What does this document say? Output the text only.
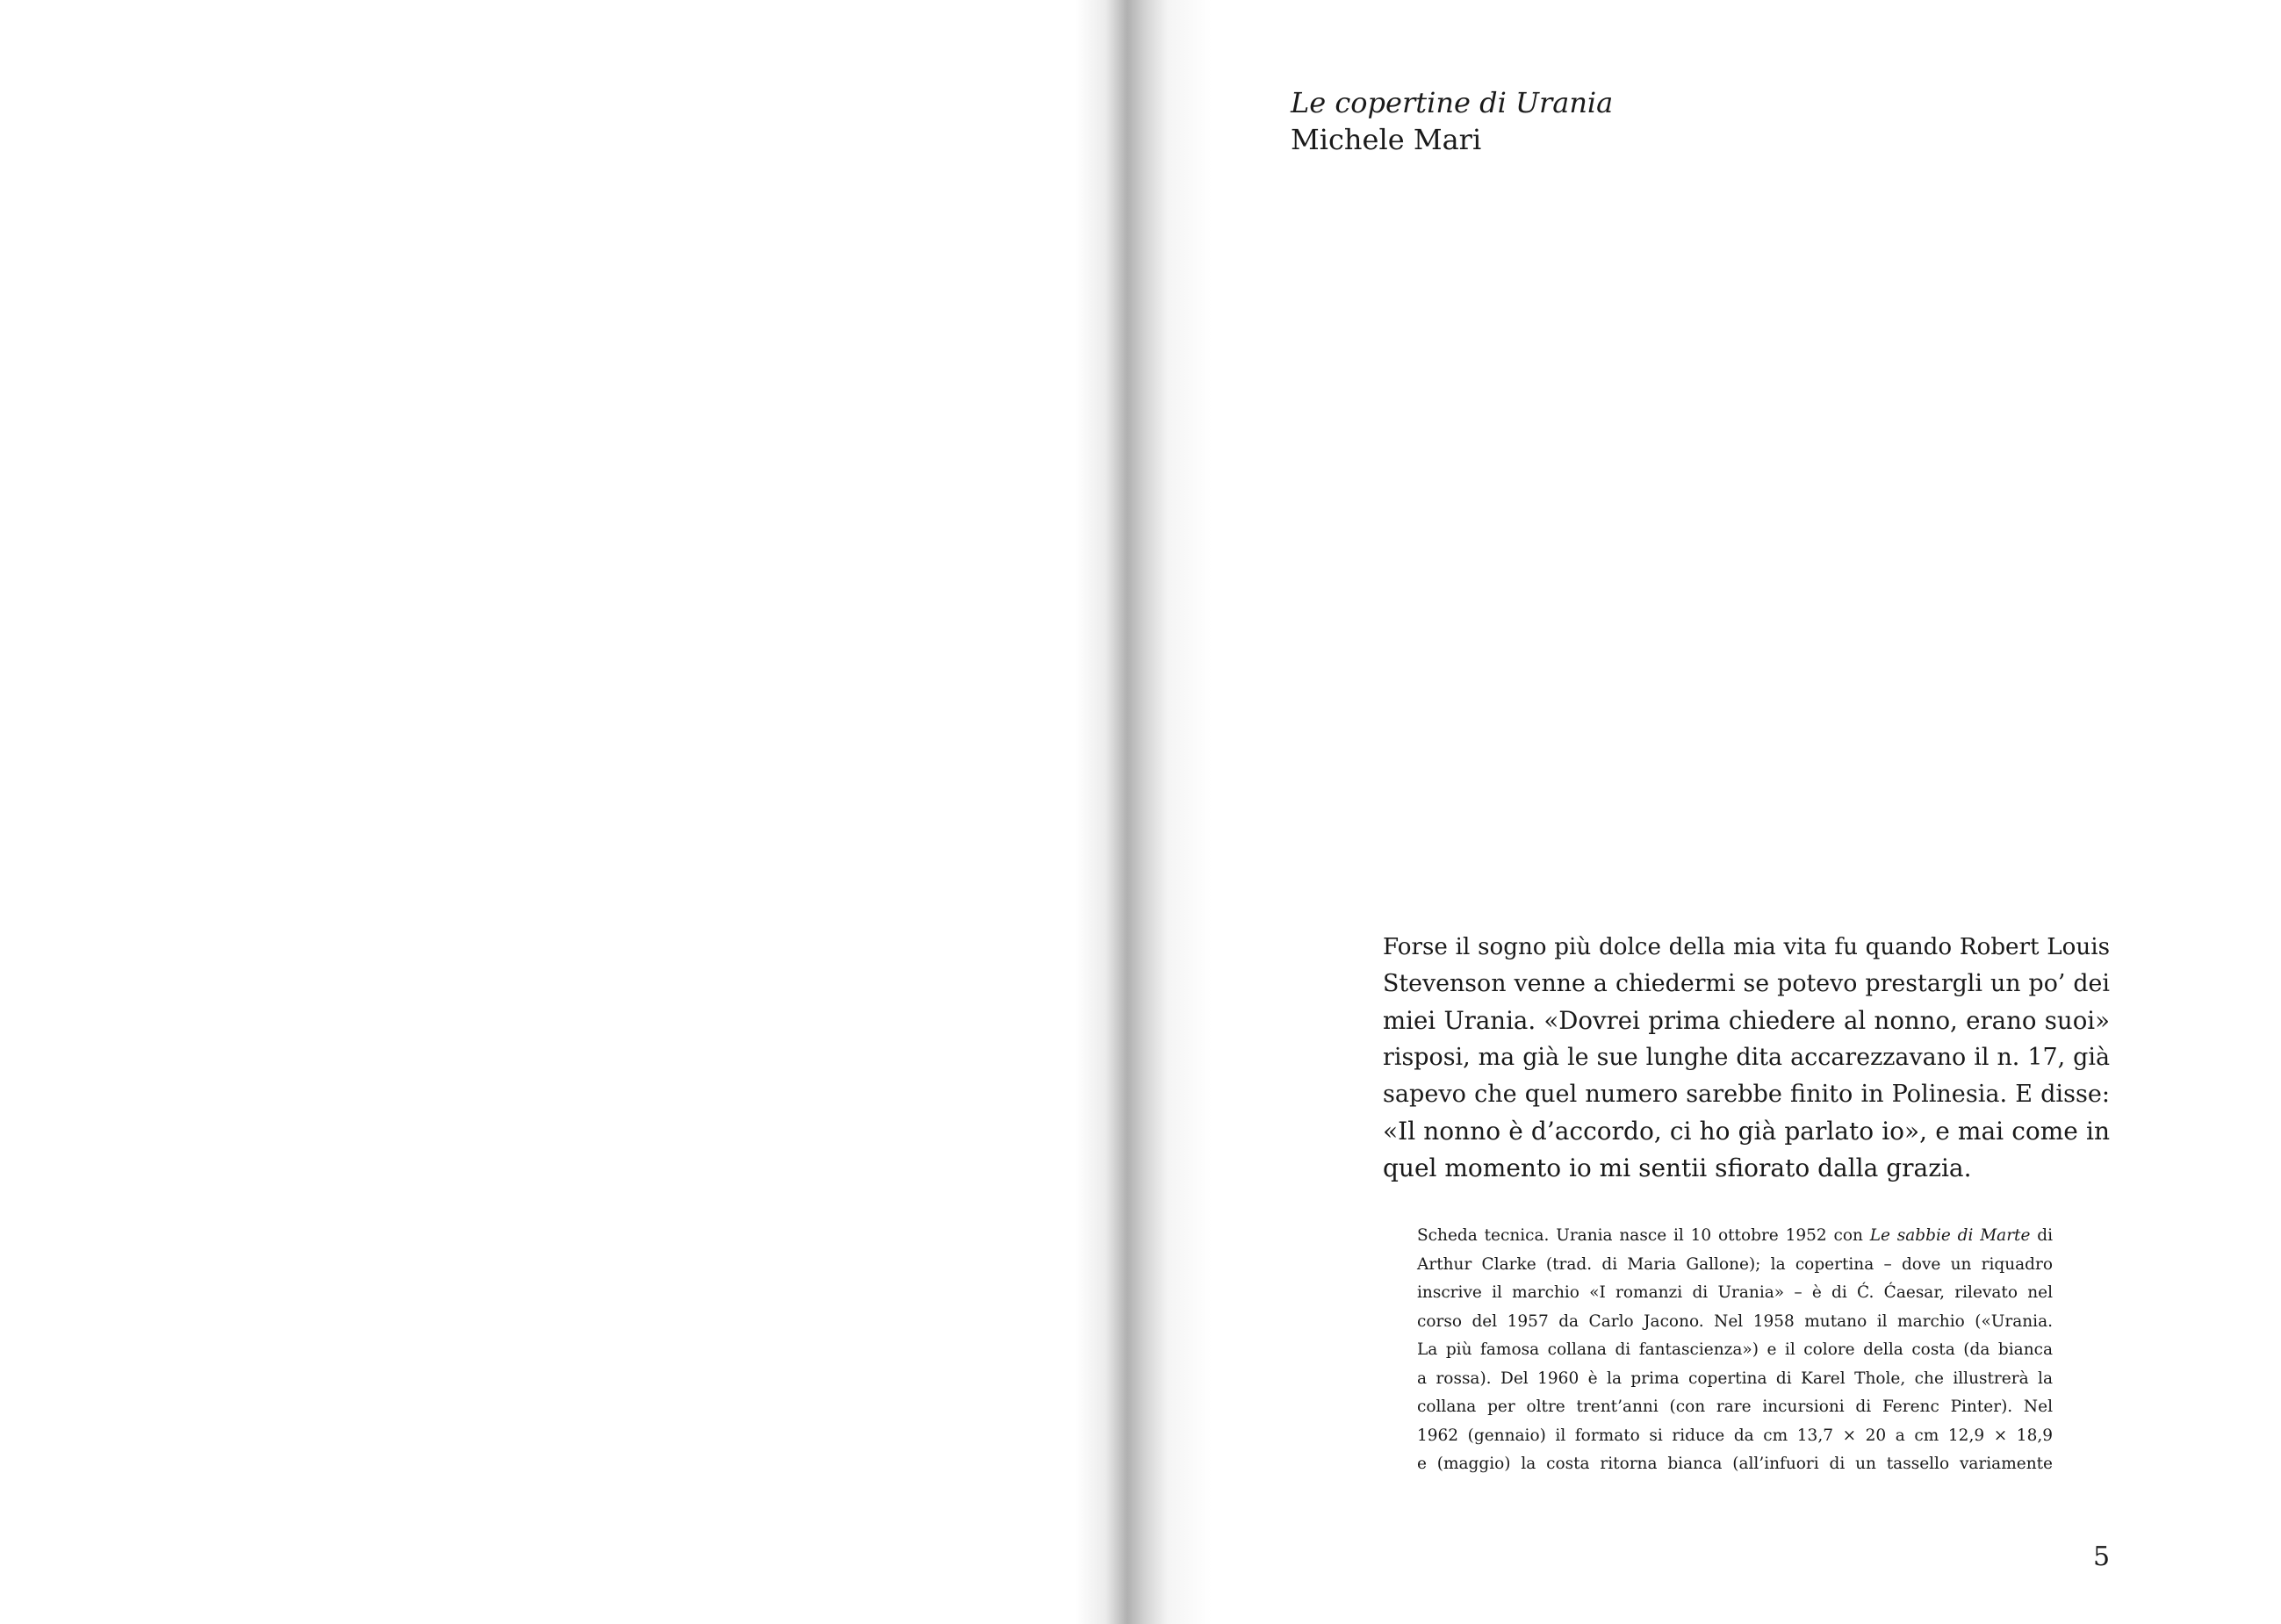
Le copertine di Urania
Michele Mari
Forse il sogno più dolce della mia vita fu quando Robert Louis
Stevenson venne a chiedermi se potevo prestargli un po’ dei
miei Urania. «Dovrei prima chiedere al nonno, erano suoi»
risposi, ma già le sue lunghe dita accarezzavano il n. 17, già
sapevo che quel numero sarebbe finito in Polinesia. E disse:
«Il nonno è d’accordo, ci ho già parlato io», e mai come in
quel momento io mi sentii sfiorato dalla grazia.
Scheda tecnica. Urania nasce il 10 ottobre 1952 con Le sabbie di Marte di
Arthur Clarke (trad. di Maria Gallone); la copertina – dove un riquadro
inscrive il marchio «I romanzi di Urania» – è di Ć. Ćaesar, rilevato nel
corso del 1957 da Carlo Jacono. Nel 1958 mutano il marchio («Urania.
La più famosa collana di fantascienza») e il colore della costa (da bianca
a rossa). Del 1960 è la prima copertina di Karel Thole, che illustrerà la
collana per oltre trent’anni (con rare incursioni di Ferenc Pinter). Nel
1962 (gennaio) il formato si riduce da cm 13,7 × 20 a cm 12,9 × 18,9
e (maggio) la costa ritorna bianca (all’infuori di un tassello variamente
5
